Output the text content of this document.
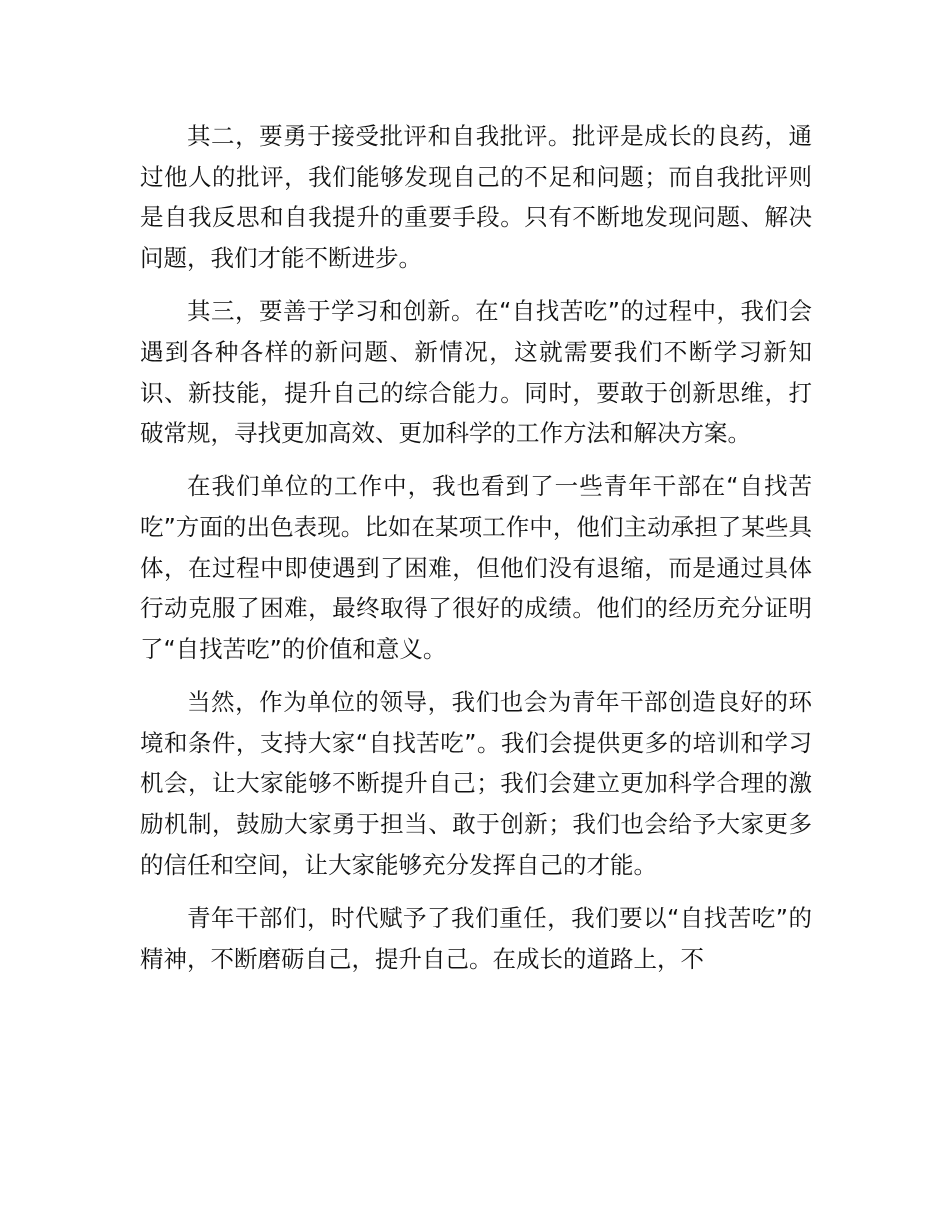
其二，要勇于接受批评和自我批评。批评是成长的良药，通过他人的批评，我们能够发现自己的不足和问题；而自我批评则是自我反思和自我提升的重要手段。只有不断地发现问题、解决问题，我们才能不断进步。

其三，要善于学习和创新。在“自找苦吃”的过程中，我们会遇到各种各样的新问题、新情况，这就需要我们不断学习新知识、新技能，提升自己的综合能力。同时，要敢于创新思维，打破常规，寻找更加高效、更加科学的工作方法和解决方案。

在我们单位的工作中，我也看到了一些青年干部在“自找苦吃”方面的出色表现。比如在某项工作中，他们主动承担了某些具体，在过程中即使遇到了困难，但他们没有退缩，而是通过具体行动克服了困难，最终取得了很好的成绩。他们的经历充分证明了“自找苦吃”的价值和意义。

当然，作为单位的领导，我们也会为青年干部创造良好的环境和条件，支持大家“自找苦吃”。我们会提供更多的培训和学习机会，让大家能够不断提升自己；我们会建立更加科学合理的激励机制，鼓励大家勇于担当、敢于创新；我们也会给予大家更多的信任和空间，让大家能够充分发挥自己的才能。

青年干部们，时代赋予了我们重任，我们要以“自找苦吃”的精神，不断磨砺自己，提升自己。在成长的道路上，不
